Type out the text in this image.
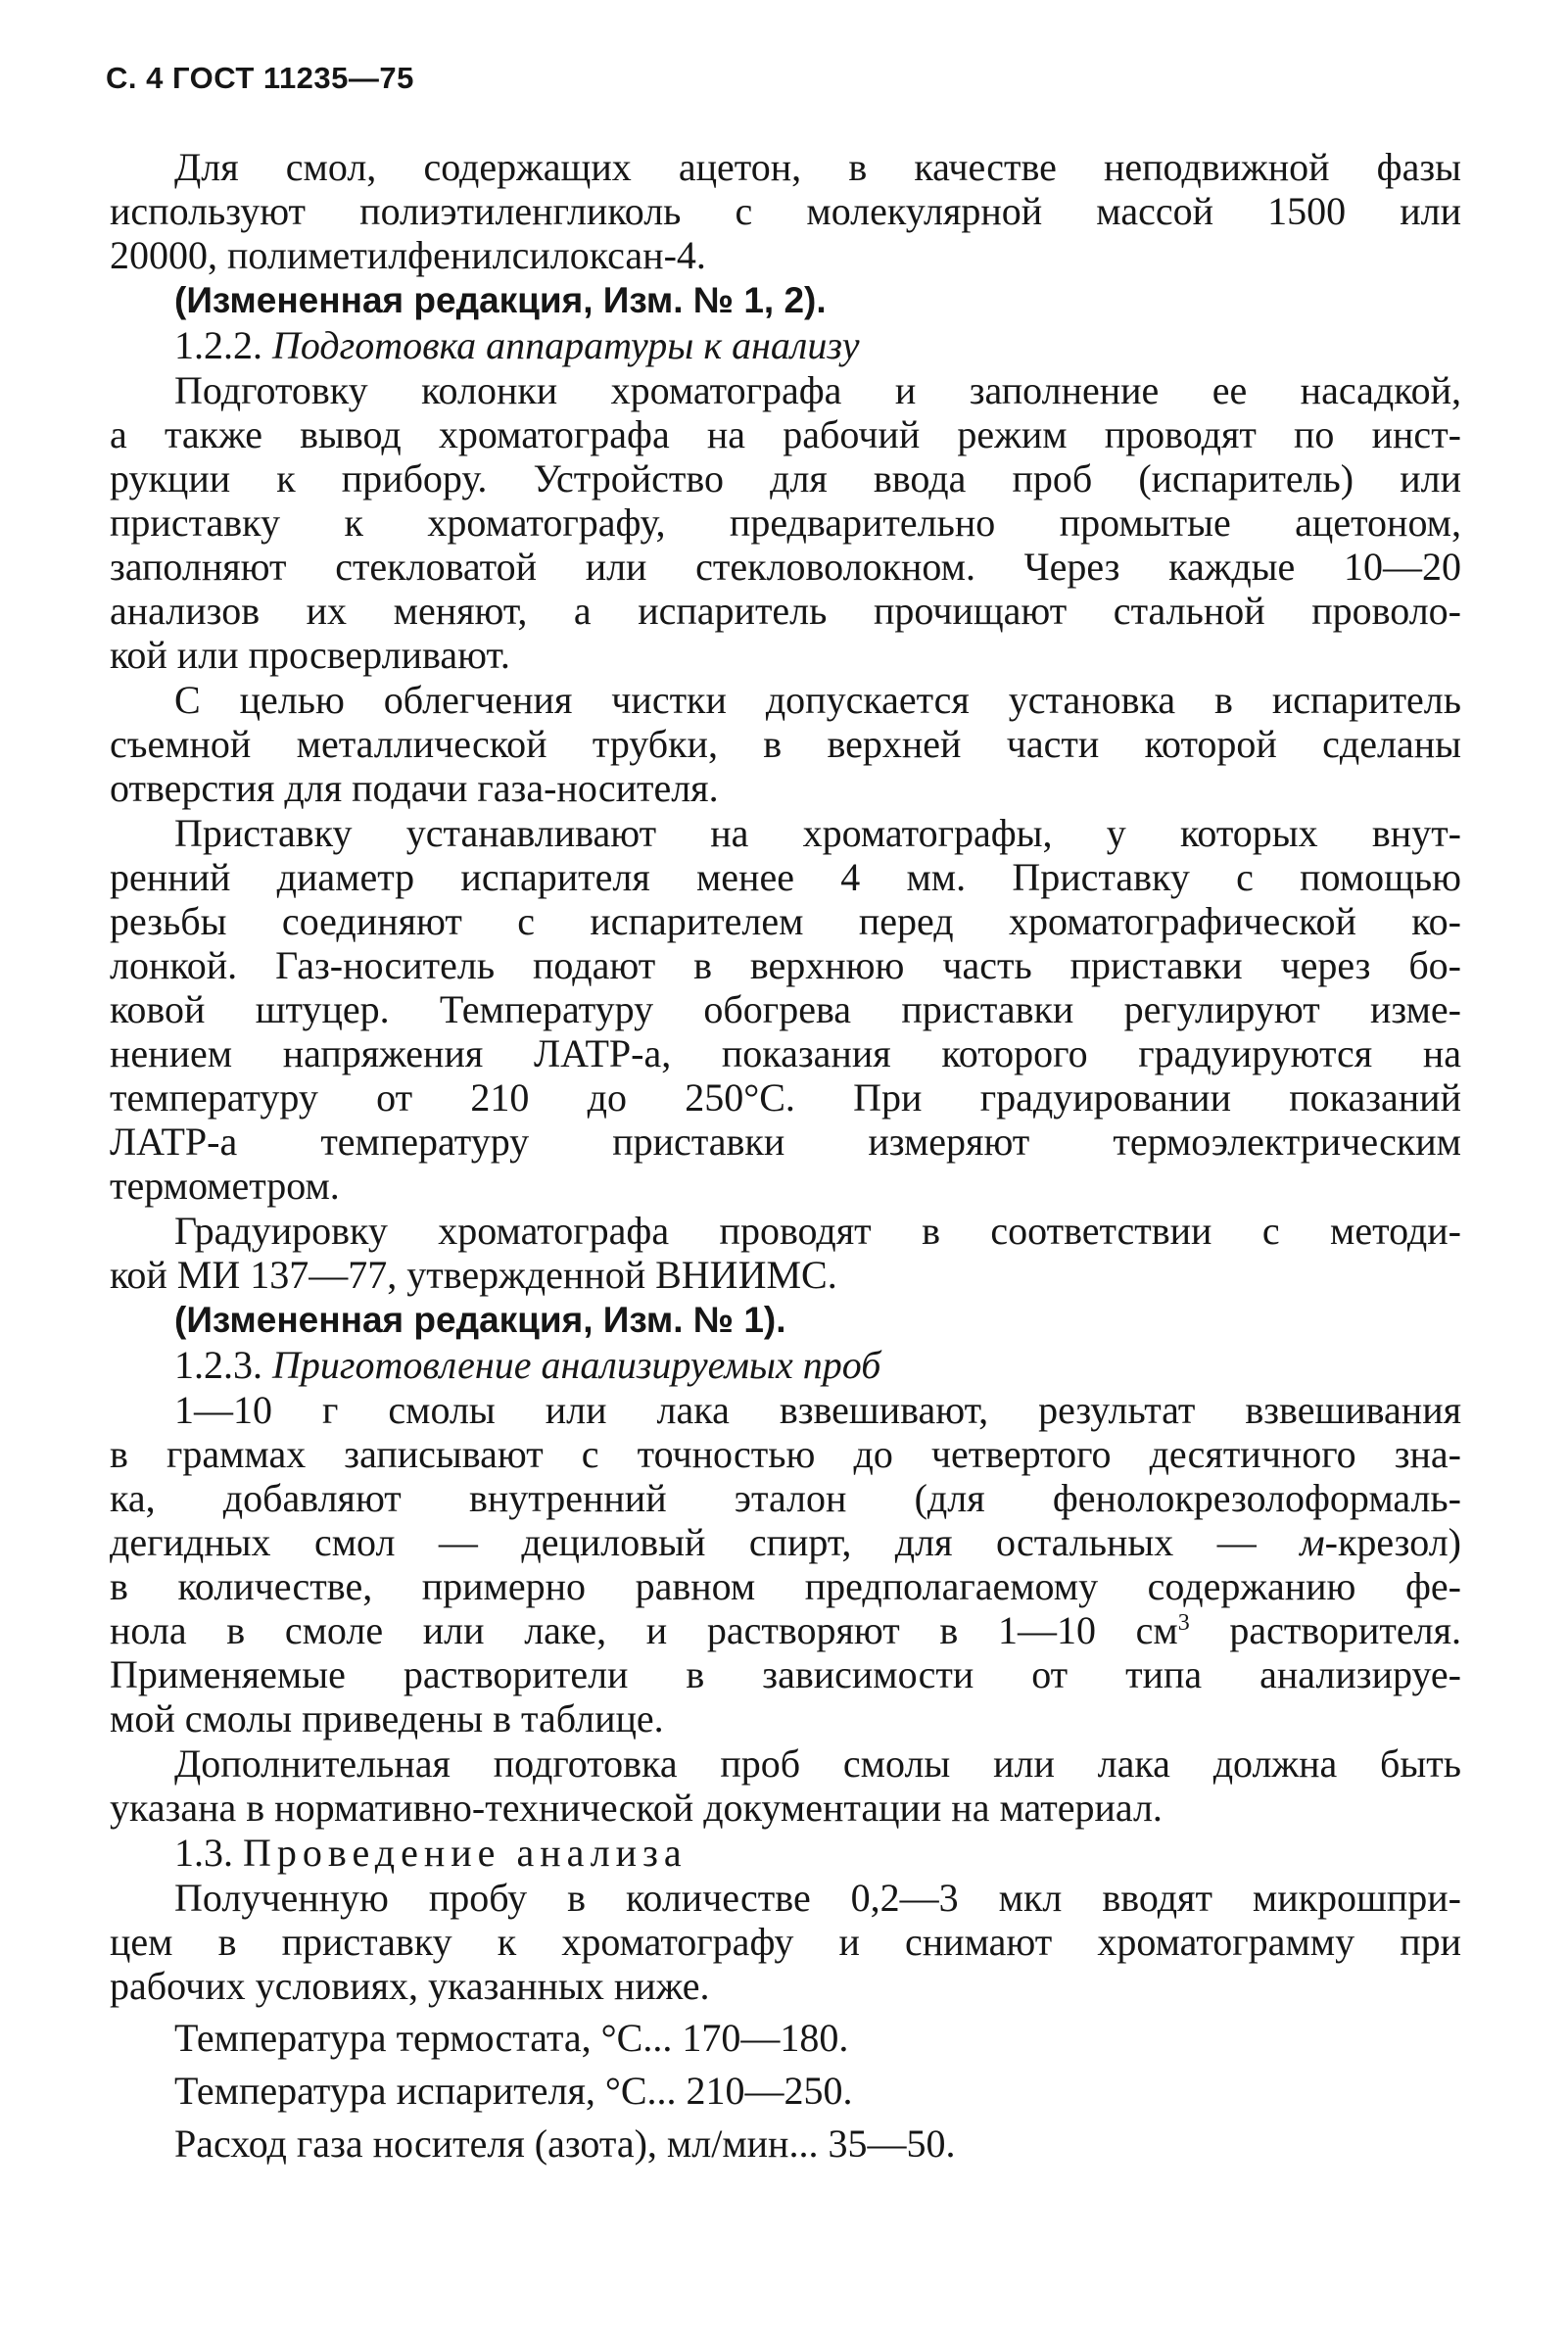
С. 4 ГОСТ 11235—75
Для смол, содержащих ацетон, в качестве неподвижной фазы
используют полиэтиленгликоль с молекулярной массой 1500 или
20000, полиметилфенилсилоксан-4.
(Измененная редакция, Изм. № 1, 2).
1.2.2. Подготовка аппаратуры к анализу
Подготовку колонки хроматографа и заполнение ее насадкой,
а также вывод хроматографа на рабочий режим проводят по инст-
рукции к прибору. Устройство для ввода проб (испаритель) или
приставку к хроматографу, предварительно промытые ацетоном,
заполняют стекловатой или стекловолокном. Через каждые 10—20
анализов их меняют, а испаритель прочищают стальной проволо-
кой или просверливают.
С целью облегчения чистки допускается установка в испаритель
съемной металлической трубки, в верхней части которой сделаны
отверстия для подачи газа-носителя.
Приставку устанавливают на хроматографы, у которых внут-
ренний диаметр испарителя менее 4 мм. Приставку с помощью
резьбы соединяют с испарителем перед хроматографической ко-
лонкой. Газ-носитель подают в верхнюю часть приставки через бо-
ковой штуцер. Температуру обогрева приставки регулируют изме-
нением напряжения ЛАТР-а, показания которого градуируются на
температуру от 210 до 250°С. При градуировании показаний
ЛАТР-а температуру приставки измеряют термоэлектрическим
термометром.
Градуировку хроматографа проводят в соответствии с методи-
кой МИ 137—77, утвержденной ВНИИМС.
(Измененная редакция, Изм. № 1).
1.2.3. Приготовление анализируемых проб
1—10 г смолы или лака взвешивают, результат взвешивания
в граммах записывают с точностью до четвертого десятичного зна-
ка, добавляют внутренний эталон (для фенолокрезолоформаль-
дегидных смол — дециловый спирт, для остальных — м-крезол)
в количестве, примерно равном предполагаемому содержанию фе-
нола в смоле или лаке, и растворяют в 1—10 $см^3$ растворителя.
Применяемые растворители в зависимости от типа анализируе-
мой смолы приведены в таблице.
Дополнительная подготовка проб смолы или лака должна быть
указана в нормативно-технической документации на материал.
1.3. Проведение анализа
Полученную пробу в количестве 0,2—3 мкл вводят микрошпри-
цем в приставку к хроматографу и снимают хроматограмму при
рабочих условиях, указанных ниже.
Температура термостата, °С... 170—180.
Температура испарителя, °С... 210—250.
Расход газа носителя (азота), мл/мин... 35—50.
